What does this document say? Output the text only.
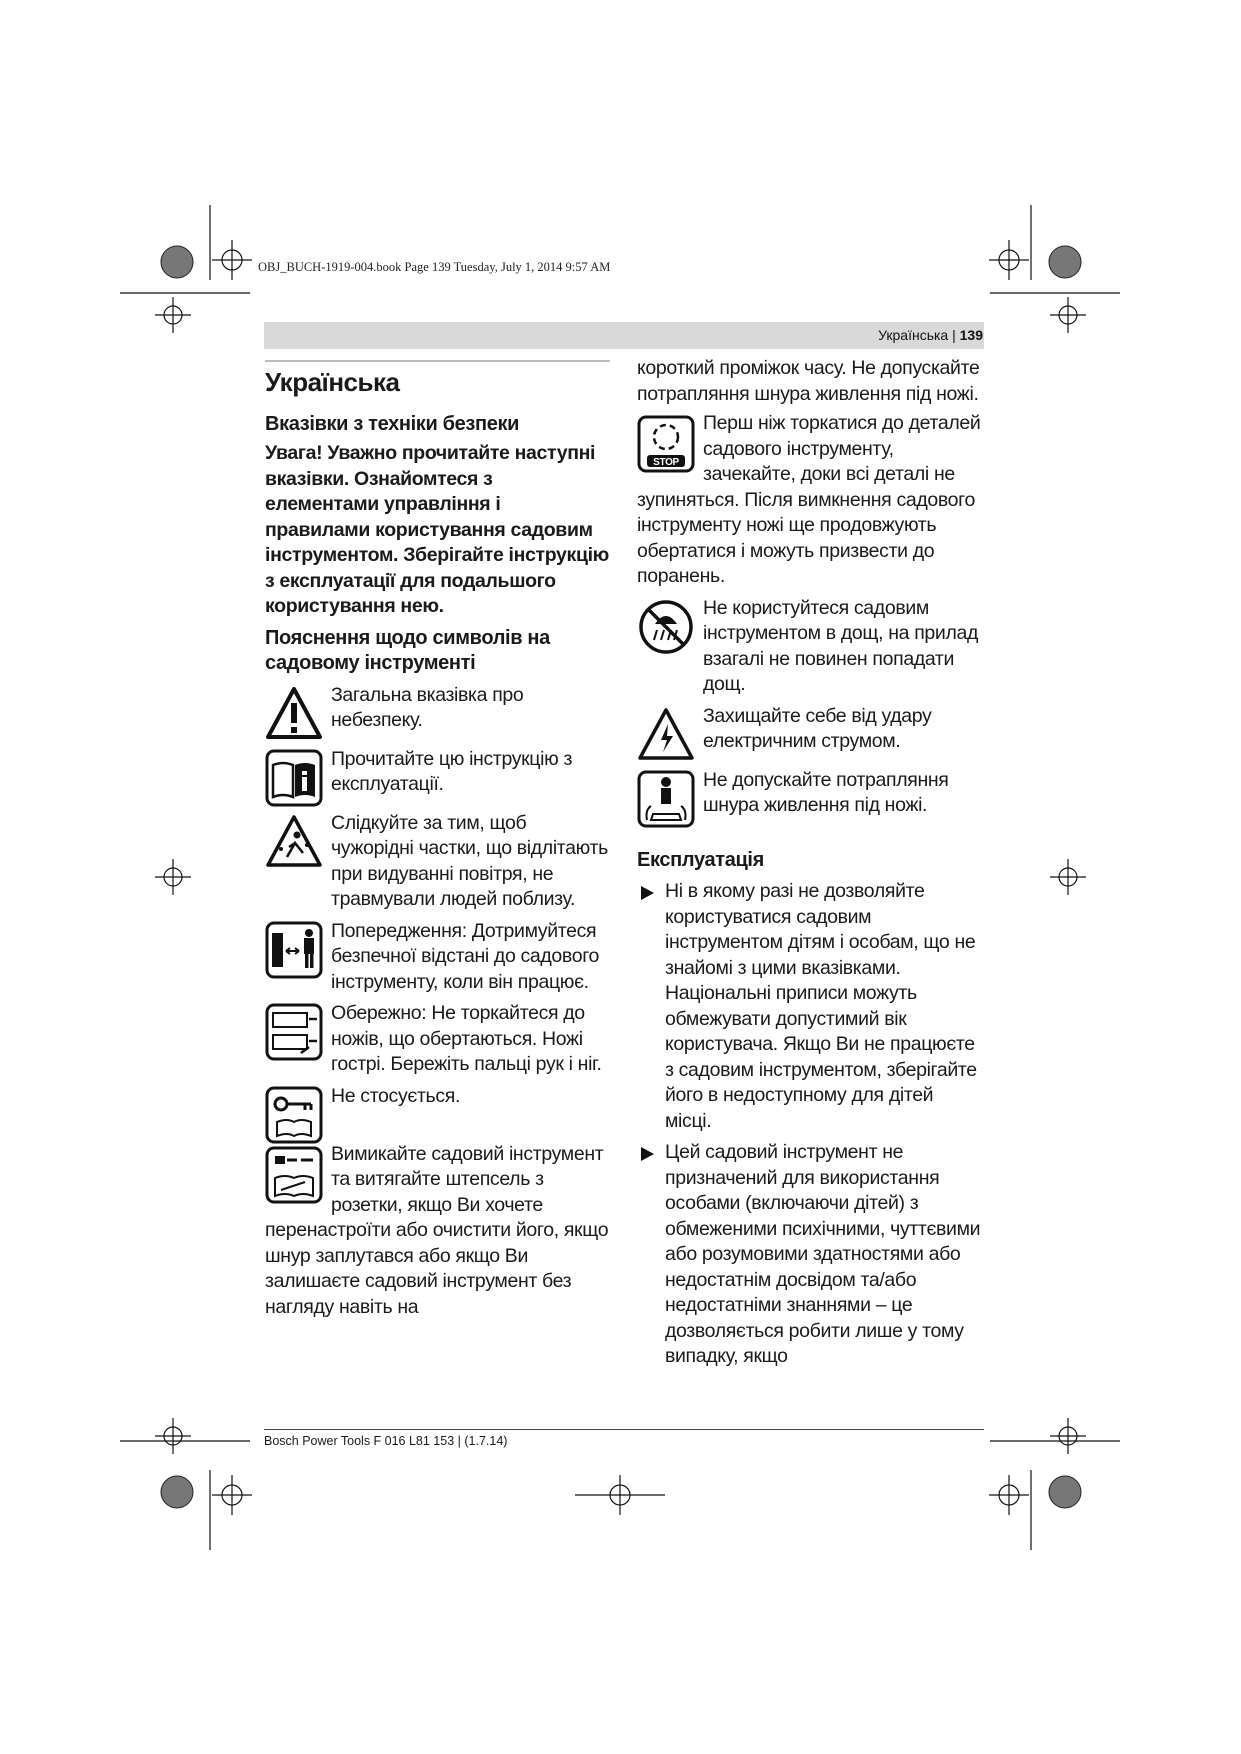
OBJ_BUCH-1919-004.book Page 139 Tuesday, July 1, 2014 9:57 AM
Українська | 139
Українська
Вказівки з техніки безпеки
Увага! Уважно прочитайте наступні вказівки. Ознайомтеся з елементами управління і правилами користування садовим інструментом. Зберігайте інструкцію з експлуатації для подальшого користування нею.
Пояснення щодо символів на садовому інструменті
Загальна вказівка про небезпеку.
Прочитайте цю інструкцію з експлуатації.
Слідкуйте за тим, щоб чужорідні частки, що відлітають при видуванні повітря, не травмували людей поблизу.
Попередження: Дотримуйтеся безпечної відстані до садового інструменту, коли він працює.
Обережно: Не торкайтеся до ножів, що обертаються. Ножі гострі. Бережіть пальці рук і ніг.
Не стосується.
Вимикайте садовий інструмент та витягайте штепсель з розетки, якщо Ви хочете перенастроїти або очистити його, якщо шнур заплутався або якщо Ви залишаєте садовий інструмент без нагляду навіть на
короткий проміжок часу. Не допускайте потрапляння шнура живлення під ножі.
STOP
Перш ніж торкатися до деталей садового інструменту, зачекайте, доки всі деталі не зупиняться. Після вимкнення садового інструменту ножі ще продовжують обертатися і можуть призвести до поранень.
Не користуйтеся садовим інструментом в дощ, на прилад взагалі не повинен попадати дощ.
Захищайте себе від удару електричним струмом.
Не допускайте потрапляння шнура живлення під ножі.
Експлуатація
Ні в якому разі не дозволяйте користуватися садовим інструментом дітям і особам, що не знайомі з цими вказівками. Національні приписи можуть обмежувати допустимий вік користувача. Якщо Ви не працюєте з садовим інструментом, зберігайте його в недоступному для дітей місці.
Цей садовий інструмент не призначений для використання особами (включаючи дітей) з обмеженими психічними, чуттєвими або розумовими здатностями або недостатнім досвідом та/або недостатніми знаннями – це дозволяється робити лише у тому випадку, якщо
Bosch Power Tools F 016 L81 153 | (1.7.14)
